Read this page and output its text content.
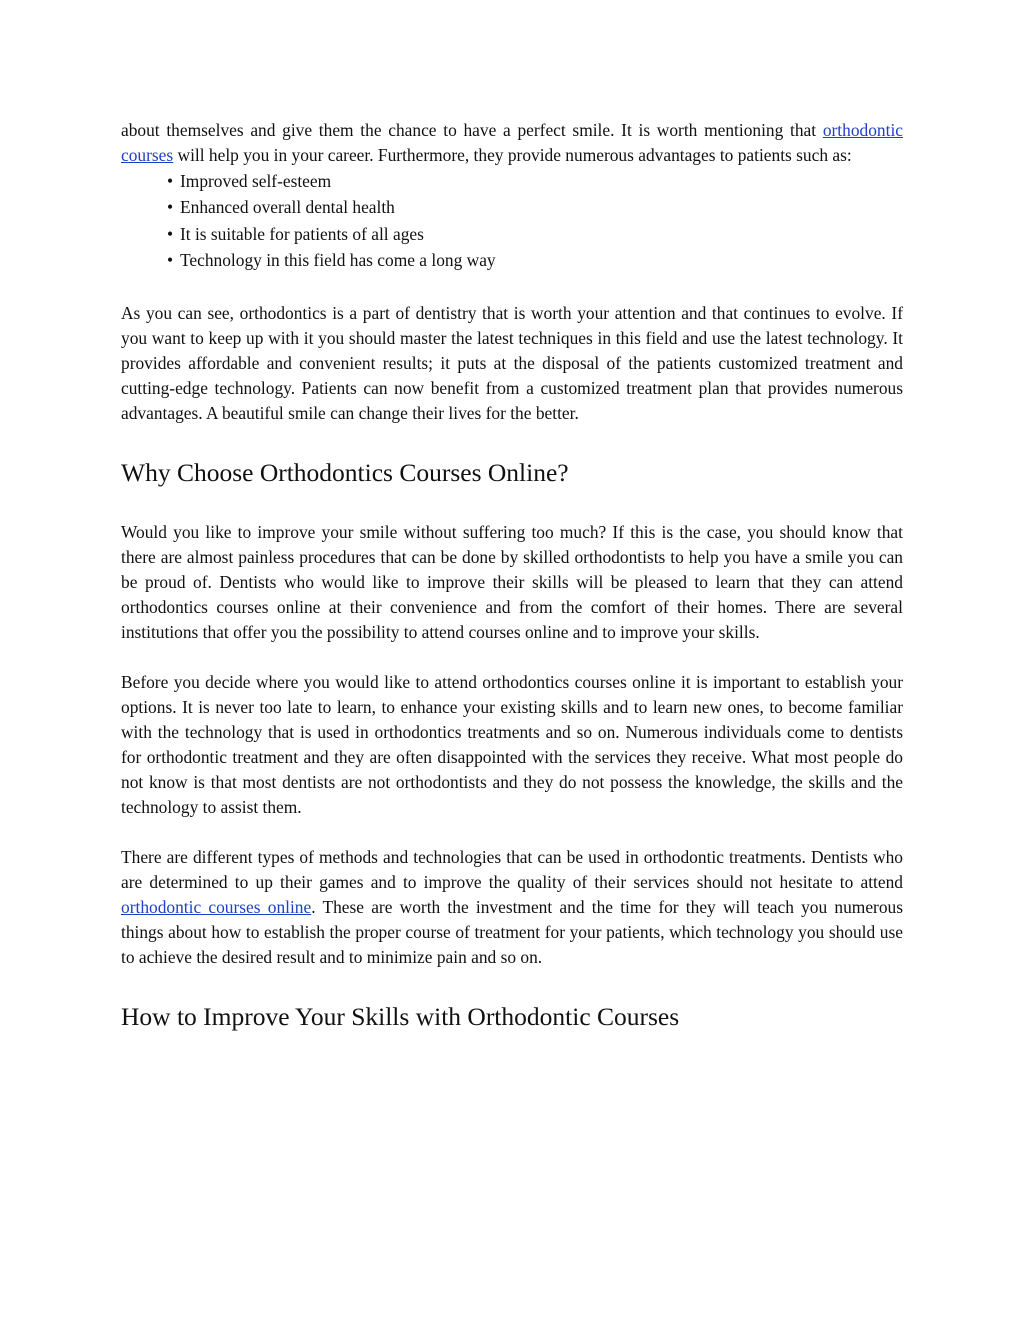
about themselves and give them the chance to have a perfect smile. It is worth mentioning that orthodontic courses will help you in your career. Furthermore, they provide numerous advantages to patients such as:

• Improved self-esteem
• Enhanced overall dental health
• It is suitable for patients of all ages
• Technology in this field has come a long way

As you can see, orthodontics is a part of dentistry that is worth your attention and that continues to evolve. If you want to keep up with it you should master the latest techniques in this field and use the latest technology. It provides affordable and convenient results; it puts at the disposal of the patients customized treatment and cutting-edge technology. Patients can now benefit from a customized treatment plan that provides numerous advantages. A beautiful smile can change their lives for the better.

Why Choose Orthodontics Courses Online?

Would you like to improve your smile without suffering too much? If this is the case, you should know that there are almost painless procedures that can be done by skilled orthodontists to help you have a smile you can be proud of. Dentists who would like to improve their skills will be pleased to learn that they can attend orthodontics courses online at their convenience and from the comfort of their homes. There are several institutions that offer you the possibility to attend courses online and to improve your skills.

Before you decide where you would like to attend orthodontics courses online it is important to establish your options. It is never too late to learn, to enhance your existing skills and to learn new ones, to become familiar with the technology that is used in orthodontics treatments and so on. Numerous individuals come to dentists for orthodontic treatment and they are often disappointed with the services they receive. What most people do not know is that most dentists are not orthodontists and they do not possess the knowledge, the skills and the technology to assist them.

There are different types of methods and technologies that can be used in orthodontic treatments. Dentists who are determined to up their games and to improve the quality of their services should not hesitate to attend orthodontic courses online. These are worth the investment and the time for they will teach you numerous things about how to establish the proper course of treatment for your patients, which technology you should use to achieve the desired result and to minimize pain and so on.

How to Improve Your Skills with Orthodontic Courses
